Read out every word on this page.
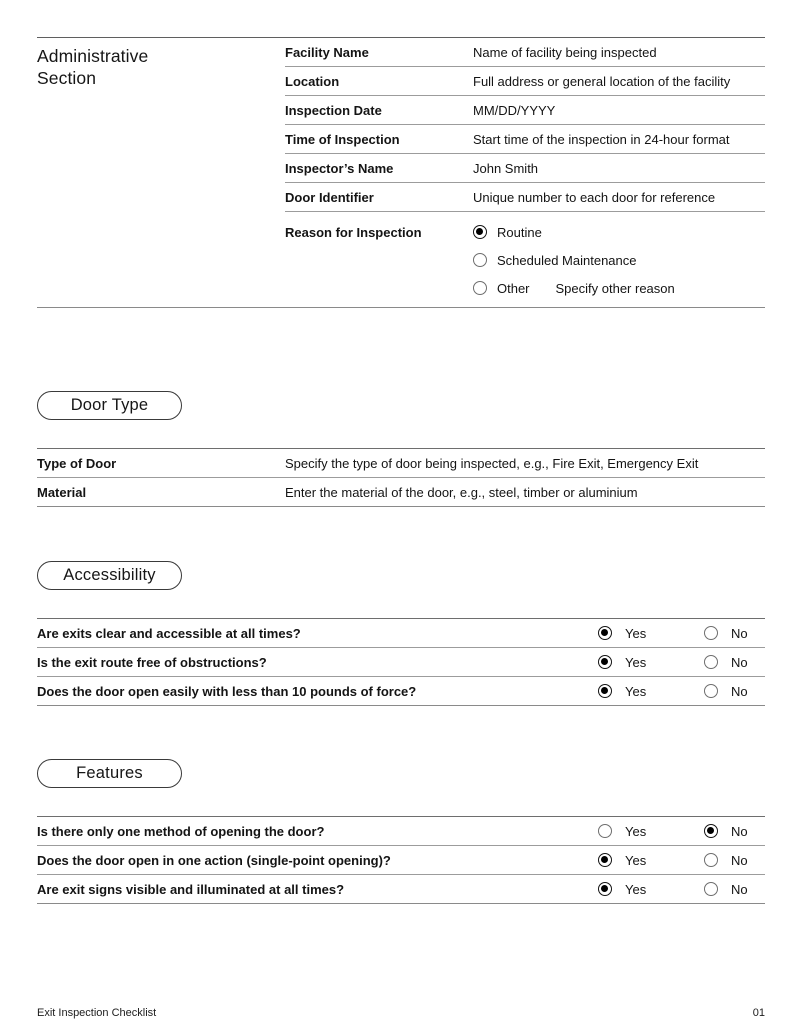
Administrative Section
Facility Name	Name of facility being inspected
Location	Full address or general location of the facility
Inspection Date	MM/DD/YYYY
Time of Inspection	Start time of the inspection in 24-hour format
Inspector’s Name	John Smith
Door Identifier	Unique number to each door for reference
Reason for Inspection	Routine
Scheduled Maintenance
Other Specify other reason
Door Type
Type of Door	Specify the type of door being inspected, e.g., Fire Exit, Emergency Exit
Material	Enter the material of the door, e.g., steel, timber or aluminium
Accessibility
Are exits clear and accessible at all times?	Yes	No
Is the exit route free of obstructions?	Yes	No
Does the door open easily with less than 10 pounds of force?	Yes	No
Features
Is there only one method of opening the door?	Yes	No
Does the door open in one action (single-point opening)?	Yes	No
Are exit signs visible and illuminated at all times?	Yes	No
Exit Inspection Checklist	01
